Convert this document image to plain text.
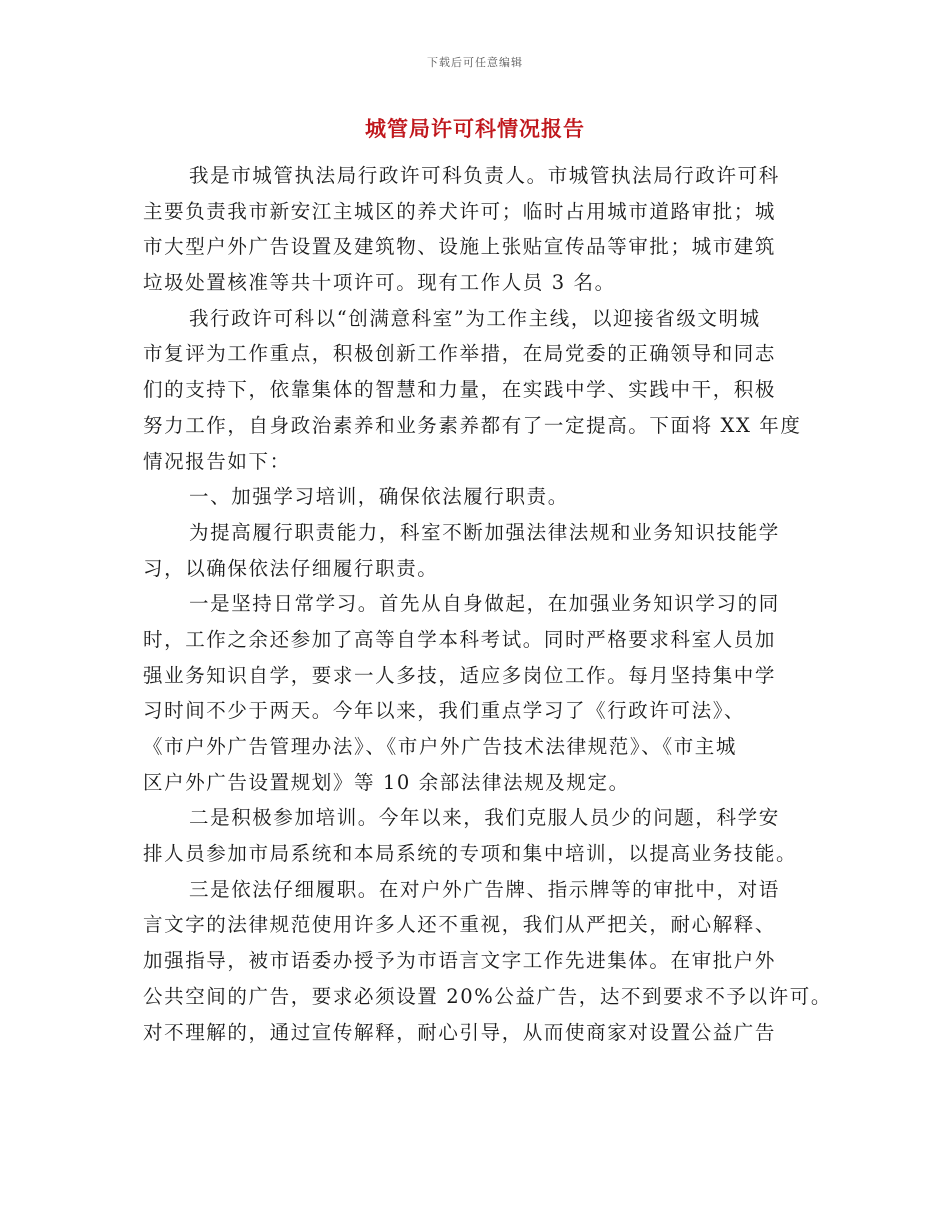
下载后可任意编辑
城管局许可科情况报告
我是市城管执法局行政许可科负责人。市城管执法局行政许可科
主要负责我市新安江主城区的养犬许可；临时占用城市道路审批；城
市大型户外广告设置及建筑物、设施上张贴宣传品等审批；城市建筑
垃圾处置核准等共十项许可。现有工作人员 3 名。
我行政许可科以“创满意科室”为工作主线，以迎接省级文明城
市复评为工作重点，积极创新工作举措，在局党委的正确领导和同志
们的支持下，依靠集体的智慧和力量，在实践中学、实践中干，积极
努力工作，自身政治素养和业务素养都有了一定提高。下面将 XX 年度
情况报告如下：
一、加强学习培训，确保依法履行职责。
为提高履行职责能力，科室不断加强法律法规和业务知识技能学
习，以确保依法仔细履行职责。
一是坚持日常学习。首先从自身做起，在加强业务知识学习的同
时，工作之余还参加了高等自学本科考试。同时严格要求科室人员加
强业务知识自学，要求一人多技，适应多岗位工作。每月坚持集中学
习时间不少于两天。今年以来，我们重点学习了《行政许可法》、
《市户外广告管理办法》、《市户外广告技术法律规范》、《市主城
区户外广告设置规划》等 10 余部法律法规及规定。
二是积极参加培训。今年以来，我们克服人员少的问题，科学安
排人员参加市局系统和本局系统的专项和集中培训，以提高业务技能。
三是依法仔细履职。在对户外广告牌、指示牌等的审批中，对语
言文字的法律规范使用许多人还不重视，我们从严把关，耐心解释、
加强指导，被市语委办授予为市语言文字工作先进集体。在审批户外
公共空间的广告，要求必须设置 20%公益广告，达不到要求不予以许可。
对不理解的，通过宣传解释，耐心引导，从而使商家对设置公益广告
